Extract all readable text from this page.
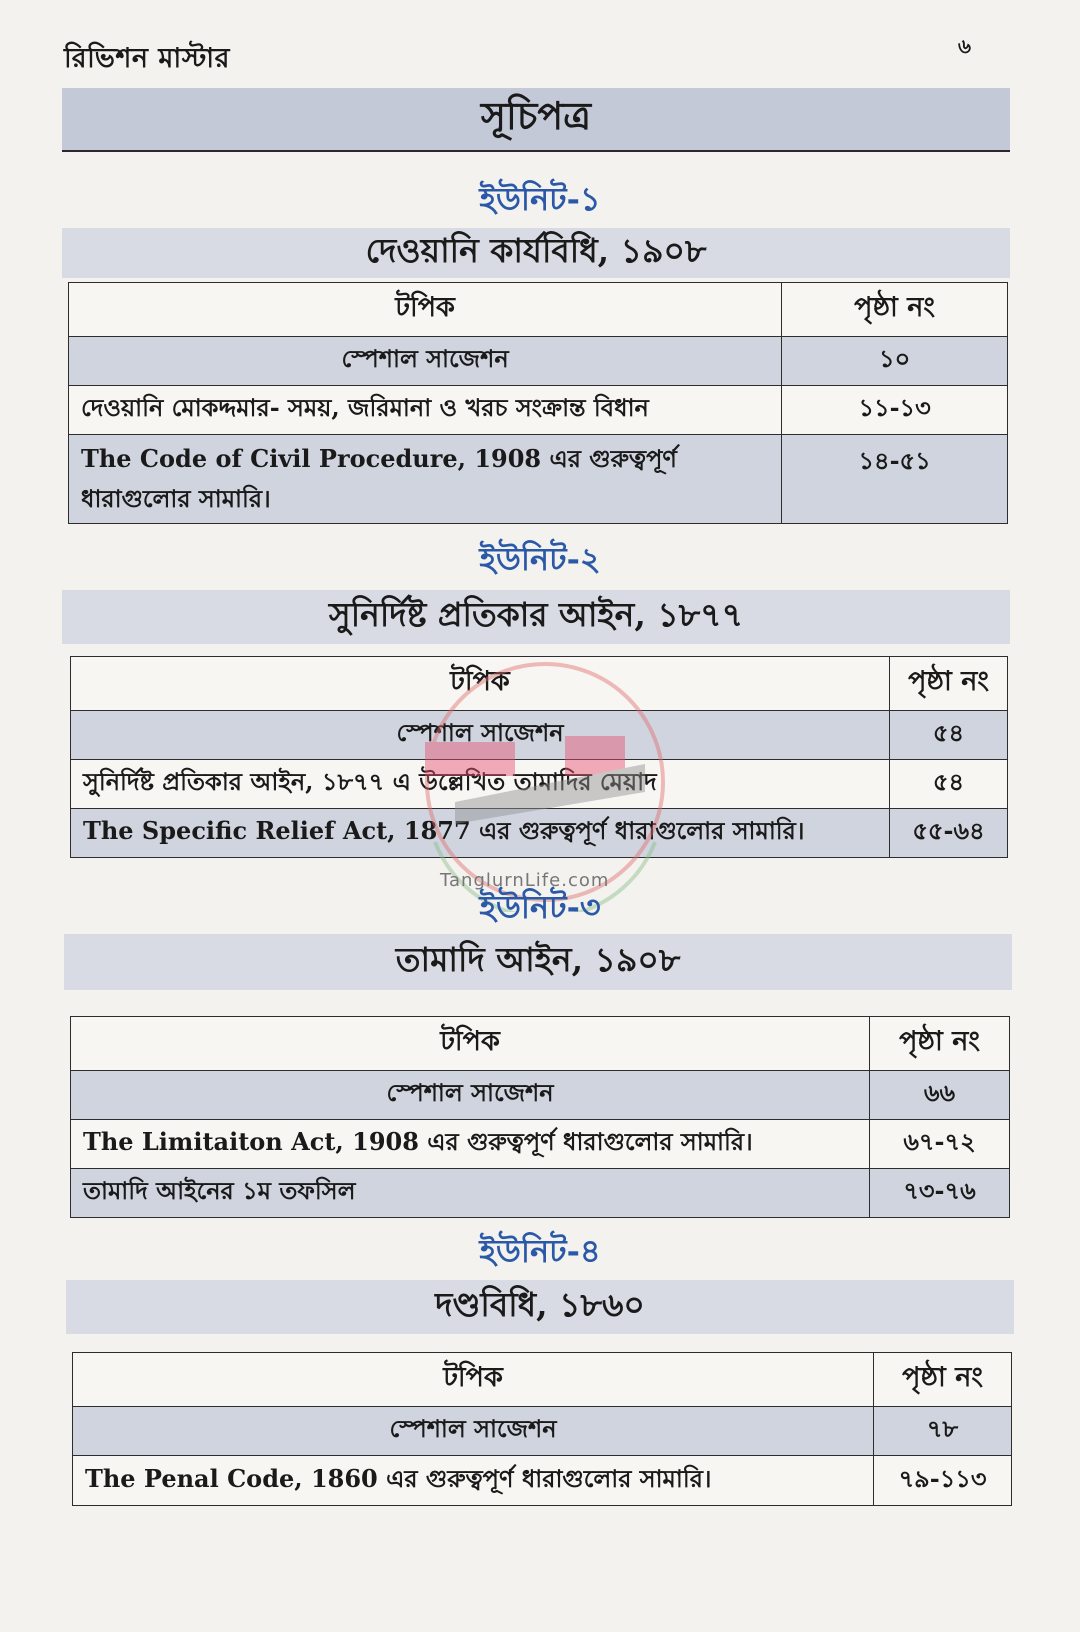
রিভিশন মাস্টার	৬
সূচিপত্র
ইউনিট-১
দেওয়ানি কার্যবিধি, ১৯০৮
টপিক	পৃষ্ঠা নং
স্পেশাল সাজেশন	১০
দেওয়ানি মোকদ্দমার- সময়, জরিমানা ও খরচ সংক্রান্ত বিধান	১১-১৩
The Code of Civil Procedure, 1908 এর গুরুত্বপূর্ণ ধারাগুলোর সামারি।	১৪-৫১
ইউনিট-২
সুনির্দিষ্ট প্রতিকার আইন, ১৮৭৭
টপিক	পৃষ্ঠা নং
স্পেশাল সাজেশন	৫৪
সুনির্দিষ্ট প্রতিকার আইন, ১৮৭৭ এ উল্লেখিত তামাদির মেয়াদ	৫৪
The Specific Relief Act, 1877 এর গুরুত্বপূর্ণ ধারাগুলোর সামারি।	৫৫-৬৪
TanglurnLife.com
ইউনিট-৩
তামাদি আইন, ১৯০৮
টপিক	পৃষ্ঠা নং
স্পেশাল সাজেশন	৬৬
The Limitaiton Act, 1908 এর গুরুত্বপূর্ণ ধারাগুলোর সামারি।	৬৭-৭২
তামাদি আইনের ১ম তফসিল	৭৩-৭৬
ইউনিট-৪
দণ্ডবিধি, ১৮৬০
টপিক	পৃষ্ঠা নং
স্পেশাল সাজেশন	৭৮
The Penal Code, 1860 এর গুরুত্বপূর্ণ ধারাগুলোর সামারি।	৭৯-১১৩
